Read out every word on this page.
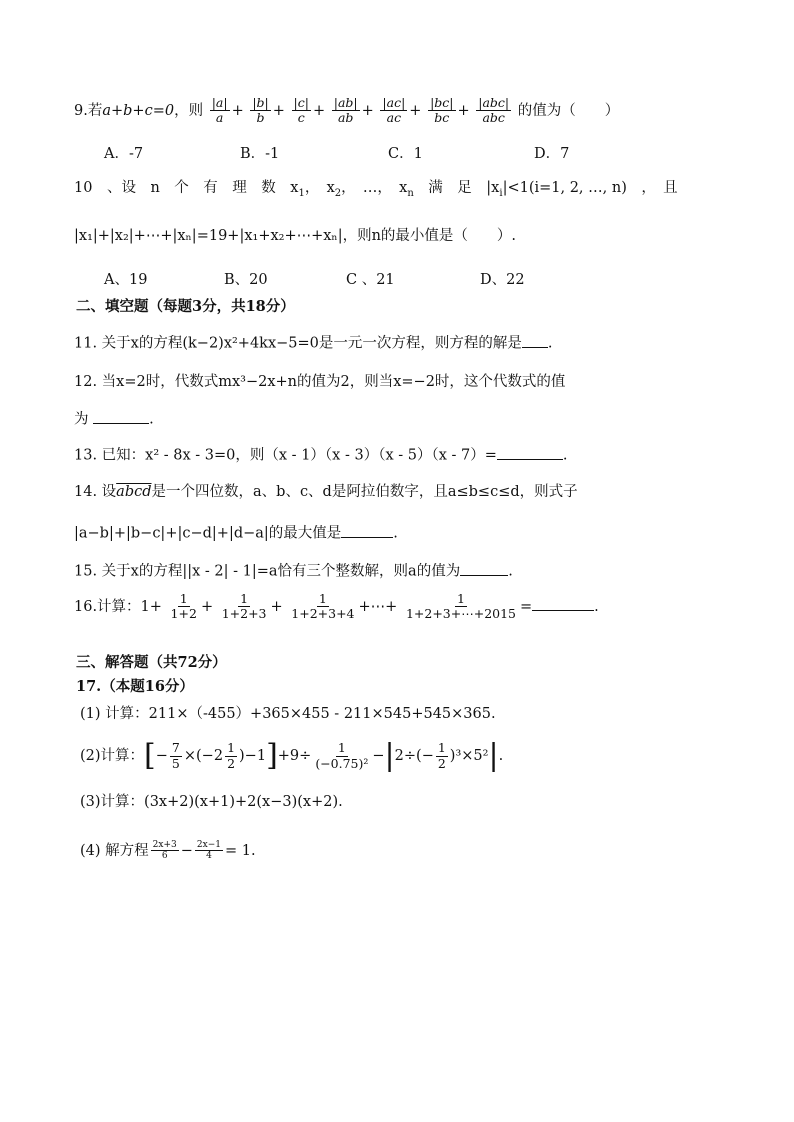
9.若a+b+c=0，则 $\frac{|a|}{a} + \frac{|b|}{b} + \frac{|c|}{c} + \frac{|ab|}{ab} + \frac{|ac|}{ac} + \frac{|bc|}{bc} + \frac{\text{|abc|}}{\text{abc}}$ 的值为（　　）
A．-7	B．-1	C．1	D．7
10　、设　n　个　有　理　数　$x_1$，　$x_2$，　…，　$x_n$　满　足　$|x_i|<1(i=1$, 2, …, n)　，　且
|x₁|+|x₂|+⋯+|xₙ|=19+|x₁+x₂+⋯+xₙ|，则n的最小值是（　　）.
A、19	B、20	C 、21	D、22
二、填空题（每题3分，共18分）
11. 关于x的方程(k−2)x²+4kx−5=0是一元一次方程，则方程的解是 .
12. 当x=2时，代数式mx³−2x+n的值为2，则当x=−2时，这个代数式的值
为	.
13. 已知：x² - 8x - 3=0，则（x - 1）（x - 3）（x - 5）（x - 7）=	.
14. 设abcd是一个四位数，a、b、c、d是阿拉伯数字，且a≤b≤c≤d，则式子
|a−b|+|b−c|+|c−d|+|d−a|的最大值是	.
15. 关于x的方程||x - 2| - 1|=a恰有三个整数解，则a的值为	.
16.计算：$1+ \frac{1}{1+2} + \frac{1}{1+2+3} + \frac{1}{1+2+3+4}$ +⋯+ $\frac{1}{1+2+3+\cdots+2015}$ =	.
三、解答题（共72分）
17.（本题16分）
(1) 计算：211×（-455）+365×455 - 211×545+545×365.
(2)计算：[− $\frac{7}{5} \times(-2 \frac{1}{2} )-1]+9\div \frac{1}{\text{(−0.75)²}} -|2\div(- \frac{1}{2} )^3\times 5^2|$.
(3)计算：(3x+2)(x+1)+2(x−3)(x+2).
(4) 解方程 $\frac{2x+3}{6} - \frac{2x-1}{4} = 1$.
